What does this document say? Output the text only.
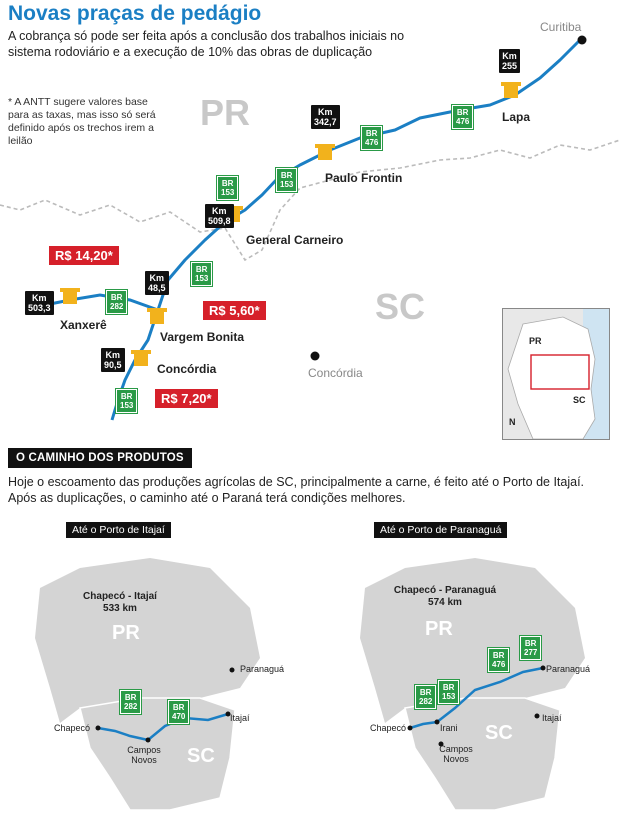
Novas praças de pedágio
A cobrança só pode ser feita após a conclusão dos trabalhos iniciais no sistema rodoviário e a execução de 10% das obras de duplicação
* A ANTT sugere valores base para as taxas, mas isso só será definido após os trechos irem a leilão
PR
SC
Curitiba
Lapa
Paulo Frontin
General Carneiro
Xanxerê
Vargem Bonita
Concórdia	Concórdia
Km
255
Km
342,7
Km
509,8
Km
48,5
Km
503,3
Km
90,5
BR
476
BR
476
BR
153
BR
153
BR
153
BR
282
BR
153
R$ 14,20*
R$ 5,60*
R$ 7,20*
PR
SC
N
O CAMINHO DOS PRODUTOS
Hoje o escoamento das produções agrícolas de SC, principalmente a carne, é feito até o Porto de Itajaí. Após as duplicações, o caminho até o Paraná terá condições melhores.
Até o Porto de Itajaí
Chapecó - Itajaí
533 km
PR
SC
Paranaguá
Chapecó
Itajaí
Campos Novos
BR
282	BR
470
Até o Porto de Paranaguá
Chapecó - Paranaguá
574 km
PR
SC
Paranaguá
Chapecó
Itajaí
Irani
Campos Novos
BR
282
BR
153
BR
476
BR
277
